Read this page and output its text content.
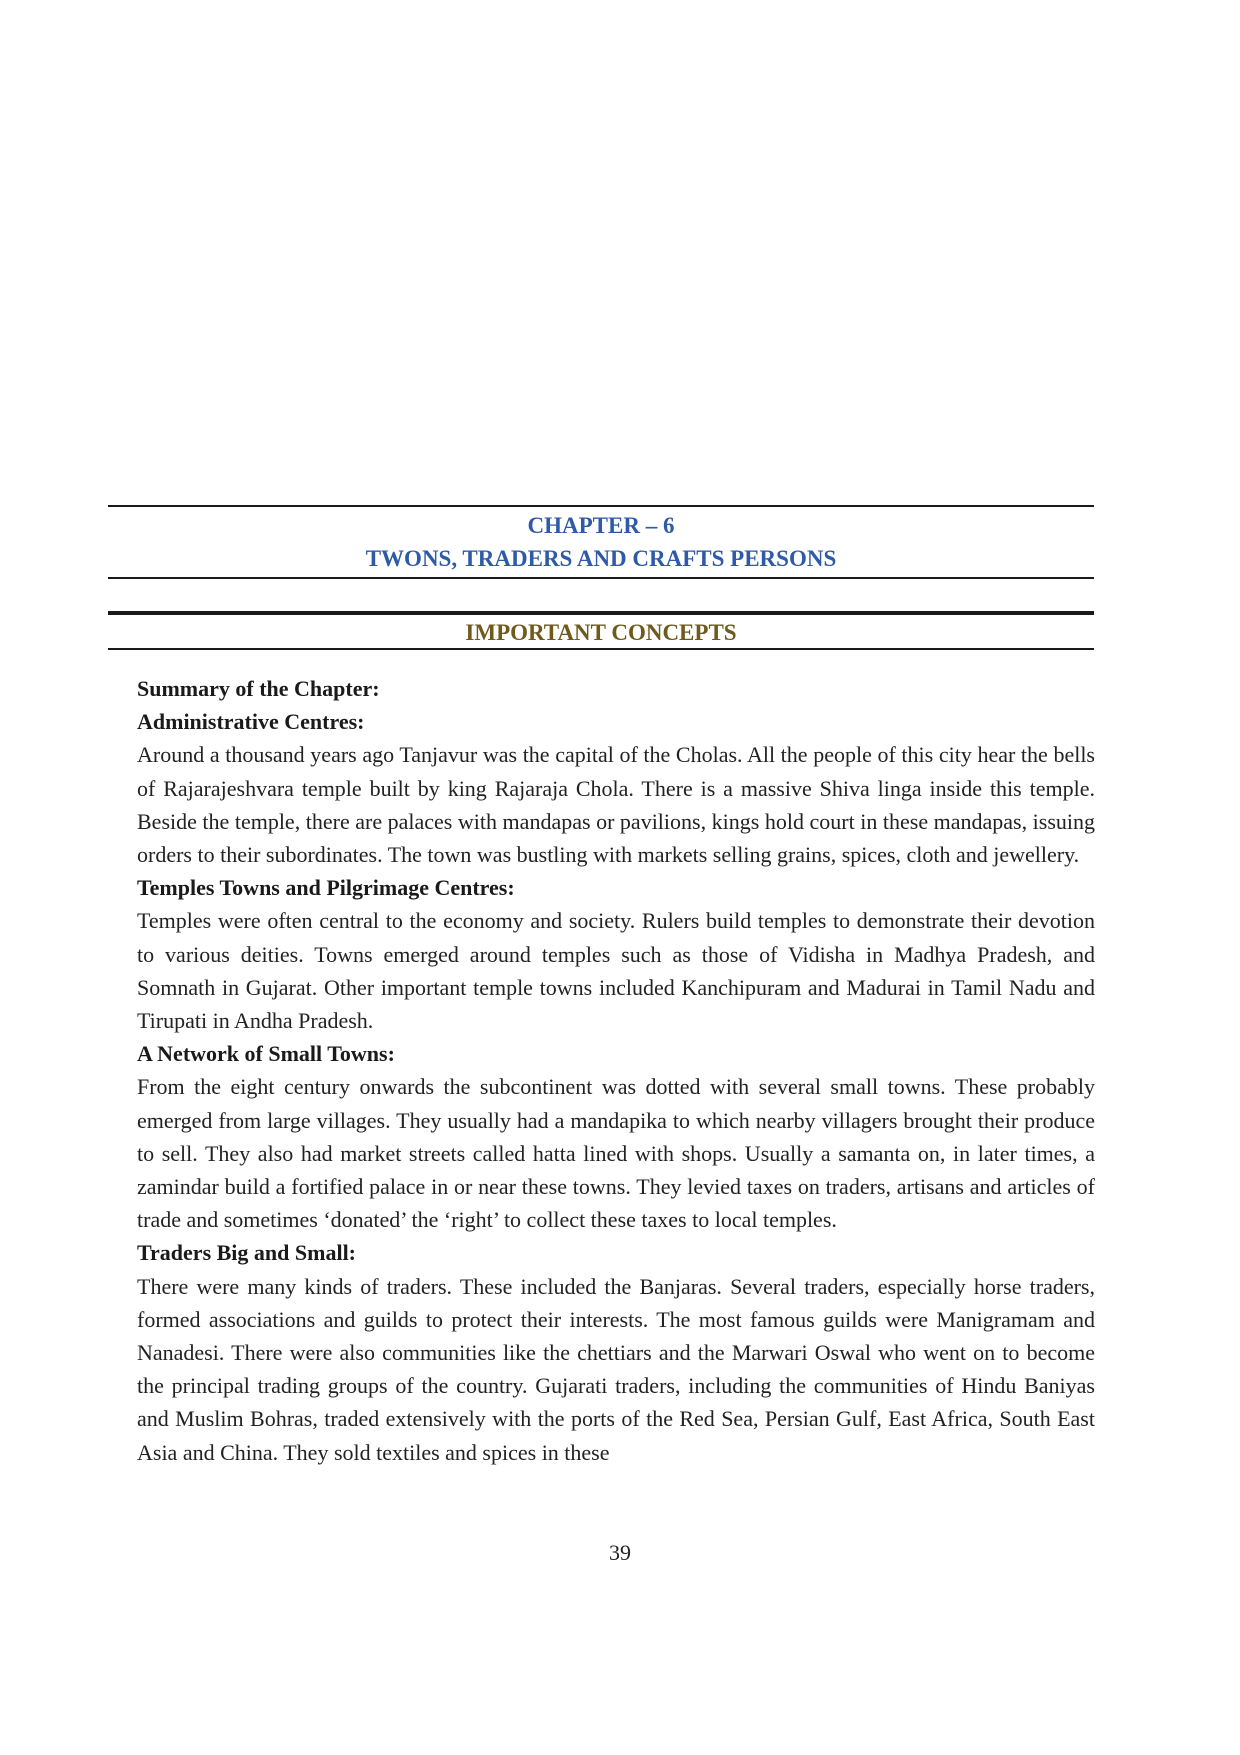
CHAPTER – 6
TWONS, TRADERS AND CRAFTS PERSONS
IMPORTANT CONCEPTS
Summary of the Chapter:
Administrative Centres:

Around a thousand years ago Tanjavur was the capital of the Cholas. All the people of this city hear the bells of Rajarajeshvara temple built by king Rajaraja Chola. There is a massive Shiva linga inside this temple. Beside the temple, there are palaces with mandapas or pavilions, kings hold court in these mandapas, issuing orders to their subordinates. The town was bustling with markets selling grains, spices, cloth and jewellery.

Temples Towns and Pilgrimage Centres:

Temples were often central to the economy and society. Rulers build temples to demonstrate their devotion to various deities. Towns emerged around temples such as those of Vidisha in Madhya Pradesh, and Somnath in Gujarat. Other important temple towns included Kanchipuram and Madurai in Tamil Nadu and Tirupati in Andha Pradesh.

A Network of Small Towns:

From the eight century onwards the subcontinent was dotted with several small towns. These probably emerged from large villages. They usually had a mandapika to which nearby villagers brought their produce to sell. They also had market streets called hatta lined with shops. Usually a samanta on, in later times, a zamindar build a fortified palace in or near these towns. They levied taxes on traders, artisans and articles of trade and sometimes ‘donated’ the ‘right’ to collect these taxes to local temples.

Traders Big and Small:

There were many kinds of traders. These included the Banjaras. Several traders, especially horse traders, formed associations and guilds to protect their interests. The most famous guilds were Manigramam and Nanadesi. There were also communities like the chettiars and the Marwari Oswal who went on to become the principal trading groups of the country. Gujarati traders, including the communities of Hindu Baniyas and Muslim Bohras, traded extensively with the ports of the Red Sea, Persian Gulf, East Africa, South East Asia and China. They sold textiles and spices in these

39
